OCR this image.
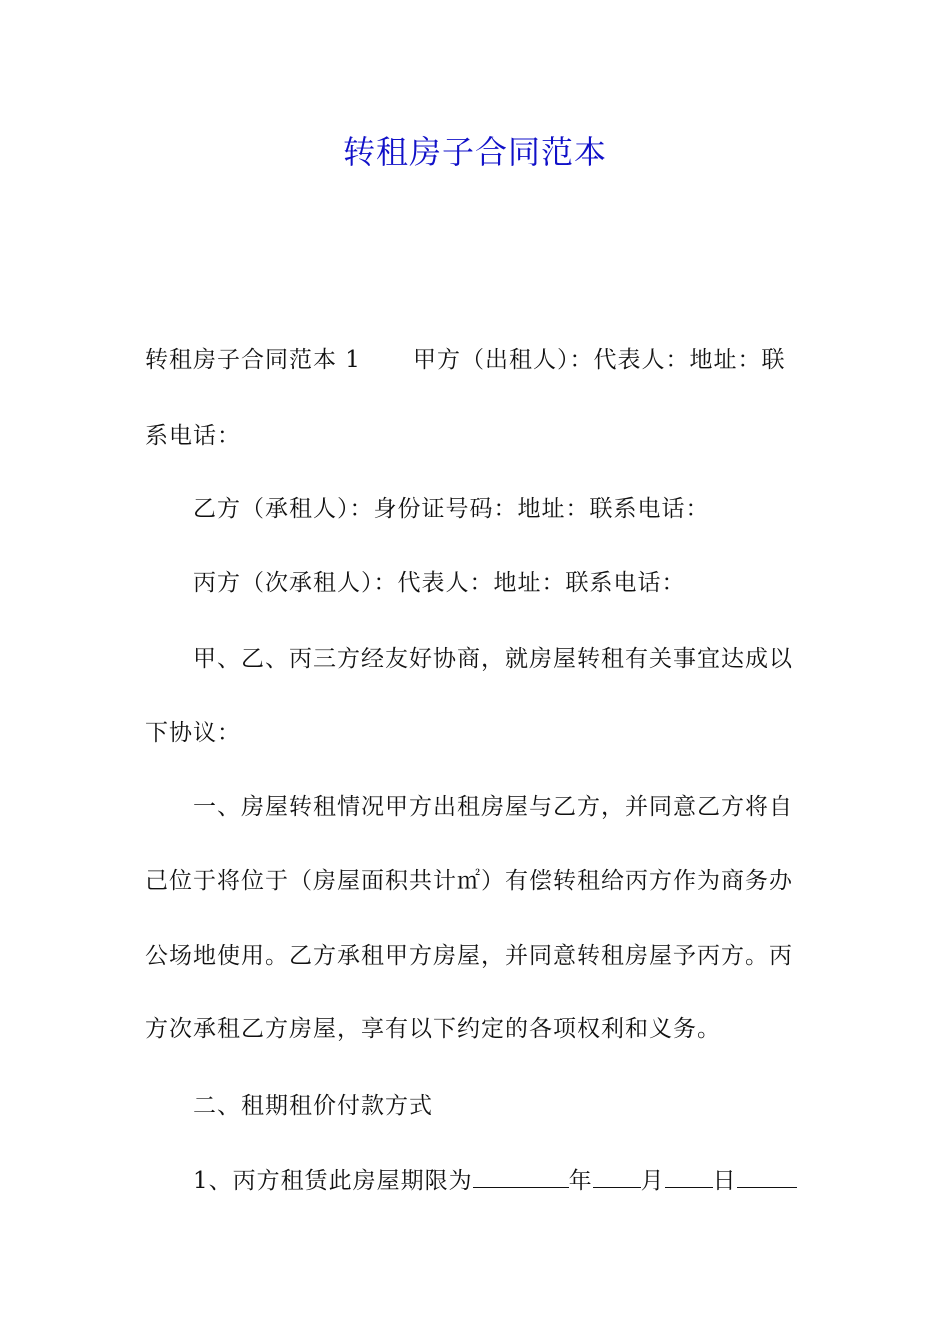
转租房子合同范本
转租房子合同范本 1 甲方（出租人）：代表人：地址：联
系电话：
乙方（承租人）：身份证号码：地址：联系电话：
丙方（次承租人）：代表人：地址：联系电话：
甲、乙、丙三方经友好协商，就房屋转租有关事宜达成以
下协议：
一、房屋转租情况甲方出租房屋与乙方，并同意乙方将自
己位于将位于（房屋面积共计㎡）有偿转租给丙方作为商务办
公场地使用。乙方承租甲方房屋，并同意转租房屋予丙方。丙
方次承租乙方房屋，享有以下约定的各项权利和义务。
二、租期租价付款方式
1、丙方租赁此房屋期限为	年 月 日
